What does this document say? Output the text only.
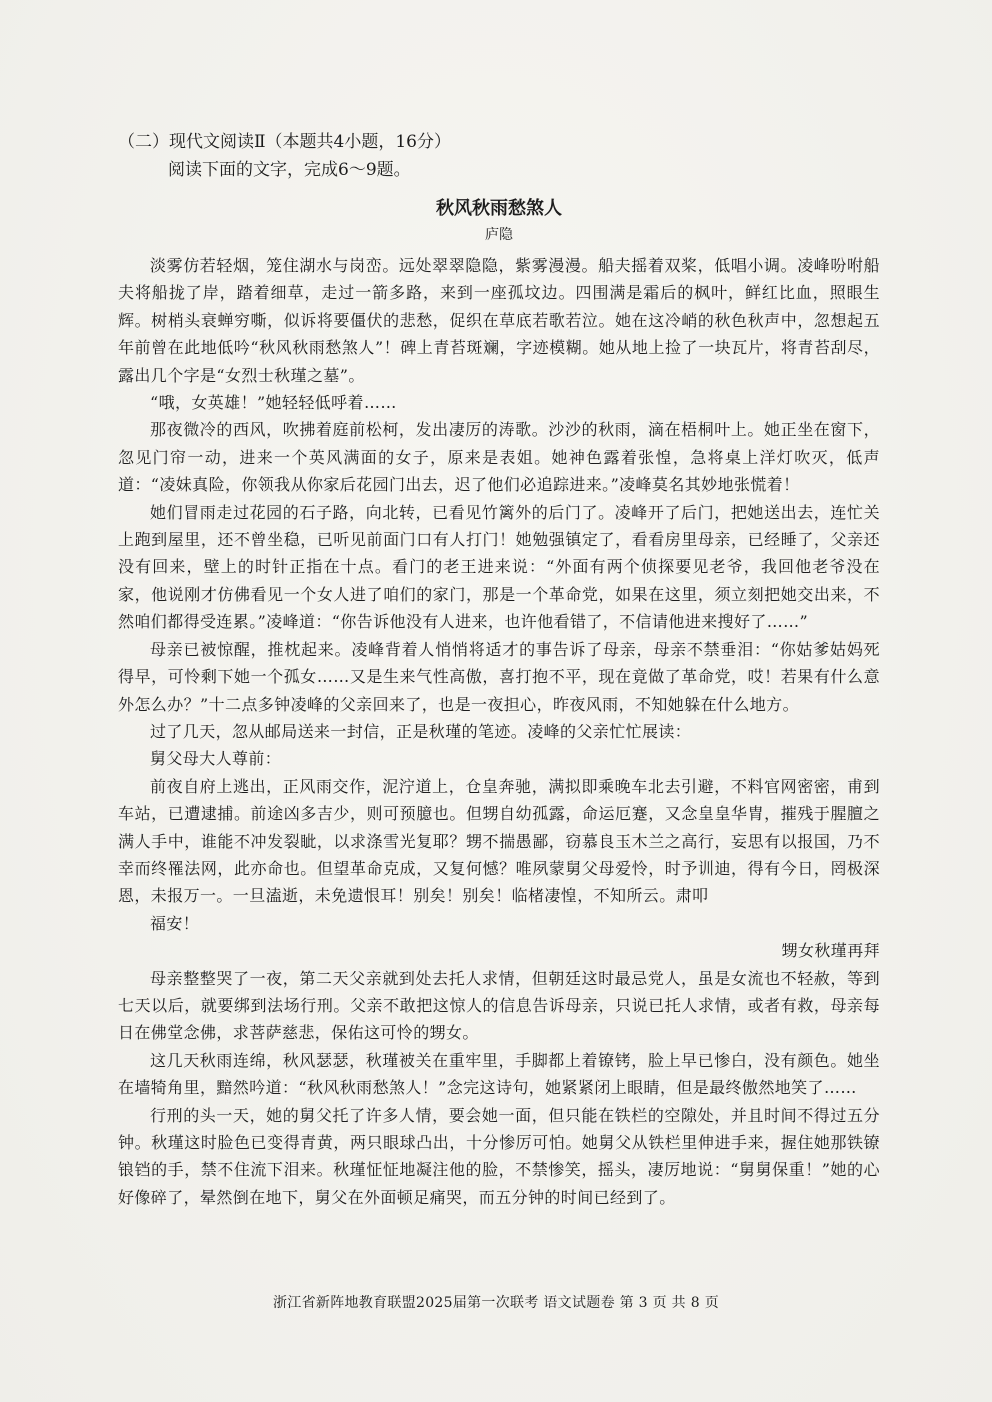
（二）现代文阅读Ⅱ（本题共4小题，16分）

阅读下面的文字，完成6～9题。

秋风秋雨愁煞人

庐隐

淡雾仿若轻烟，笼住湖水与岗峦。远处翠翠隐隐，紫雾漫漫。船夫摇着双桨，低唱小调。凌峰吩咐船夫将船拢了岸，踏着细草，走过一箭多路，来到一座孤坟边。四围满是霜后的枫叶，鲜红比血，照眼生辉。树梢头衰蝉穷嘶，似诉将要僵伏的悲愁，促织在草底若歌若泣。她在这冷峭的秋色秋声中，忽想起五年前曾在此地低吟“秋风秋雨愁煞人”！碑上青苔斑斓，字迹模糊。她从地上捡了一块瓦片，将青苔刮尽，露出几个字是“女烈士秋瑾之墓”。

“哦，女英雄！”她轻轻低呼着……

那夜微冷的西风，吹拂着庭前松柯，发出凄厉的涛歌。沙沙的秋雨，滴在梧桐叶上。她正坐在窗下，忽见门帘一动，进来一个英风满面的女子，原来是表姐。她神色露着张惶，急将桌上洋灯吹灭，低声道：“凌妹真险，你领我从你家后花园门出去，迟了他们必追踪进来。”凌峰莫名其妙地张慌着！

她们冒雨走过花园的石子路，向北转，已看见竹篱外的后门了。凌峰开了后门，把她送出去，连忙关上跑到屋里，还不曾坐稳，已听见前面门口有人打门！她勉强镇定了，看看房里母亲，已经睡了，父亲还没有回来，壁上的时针正指在十点。看门的老王进来说：“外面有两个侦探要见老爷，我回他老爷没在家，他说刚才仿佛看见一个女人进了咱们的家门，那是一个革命党，如果在这里，须立刻把她交出来，不然咱们都得受连累。”凌峰道：“你告诉他没有人进来，也许他看错了，不信请他进来搜好了……”

母亲已被惊醒，推枕起来。凌峰背着人悄悄将适才的事告诉了母亲，母亲不禁垂泪：“你姑爹姑妈死得早，可怜剩下她一个孤女……又是生来气性高傲，喜打抱不平，现在竟做了革命党，哎！若果有什么意外怎么办？”十二点多钟凌峰的父亲回来了，也是一夜担心，昨夜风雨，不知她躲在什么地方。

过了几天，忽从邮局送来一封信，正是秋瑾的笔迹。凌峰的父亲忙忙展读：

舅父母大人尊前：

前夜自府上逃出，正风雨交作，泥泞道上，仓皇奔驰，满拟即乘晚车北去引避，不料官网密密，甫到车站，已遭逮捕。前途凶多吉少，则可预臆也。但甥自幼孤露，命运厄蹇，又念皇皇华胄，摧残于腥膻之满人手中，谁能不冲发裂眦，以求涤雪光复耶？甥不揣愚鄙，窃慕良玉木兰之高行，妄思有以报国，乃不幸而终罹法网，此亦命也。但望革命克成，又复何憾？唯夙蒙舅父母爱怜，时予训迪，得有今日，罔极深恩，未报万一。一旦溘逝，未免遗恨耳！别矣！别矣！临楮凄惶，不知所云。肃叩

福安！

甥女秋瑾再拜

母亲整整哭了一夜，第二天父亲就到处去托人求情，但朝廷这时最忌党人，虽是女流也不轻赦，等到七天以后，就要绑到法场行刑。父亲不敢把这惊人的信息告诉母亲，只说已托人求情，或者有救，母亲每日在佛堂念佛，求菩萨慈悲，保佑这可怜的甥女。

这几天秋雨连绵，秋风瑟瑟，秋瑾被关在重牢里，手脚都上着镣铐，脸上早已惨白，没有颜色。她坐在墙犄角里，黯然吟道：“秋风秋雨愁煞人！”念完这诗句，她紧紧闭上眼睛，但是最终傲然地笑了……

行刑的头一天，她的舅父托了许多人情，要会她一面，但只能在铁栏的空隙处，并且时间不得过五分钟。秋瑾这时脸色已变得青黄，两只眼球凸出，十分惨厉可怕。她舅父从铁栏里伸进手来，握住她那铁镣锒铛的手，禁不住流下泪来。秋瑾怔怔地凝注他的脸，不禁惨笑，摇头，凄厉地说：“舅舅保重！”她的心好像碎了，晕然倒在地下，舅父在外面顿足痛哭，而五分钟的时间已经到了。

浙江省新阵地教育联盟2025届第一次联考 语文试题卷 第 3 页 共 8 页
